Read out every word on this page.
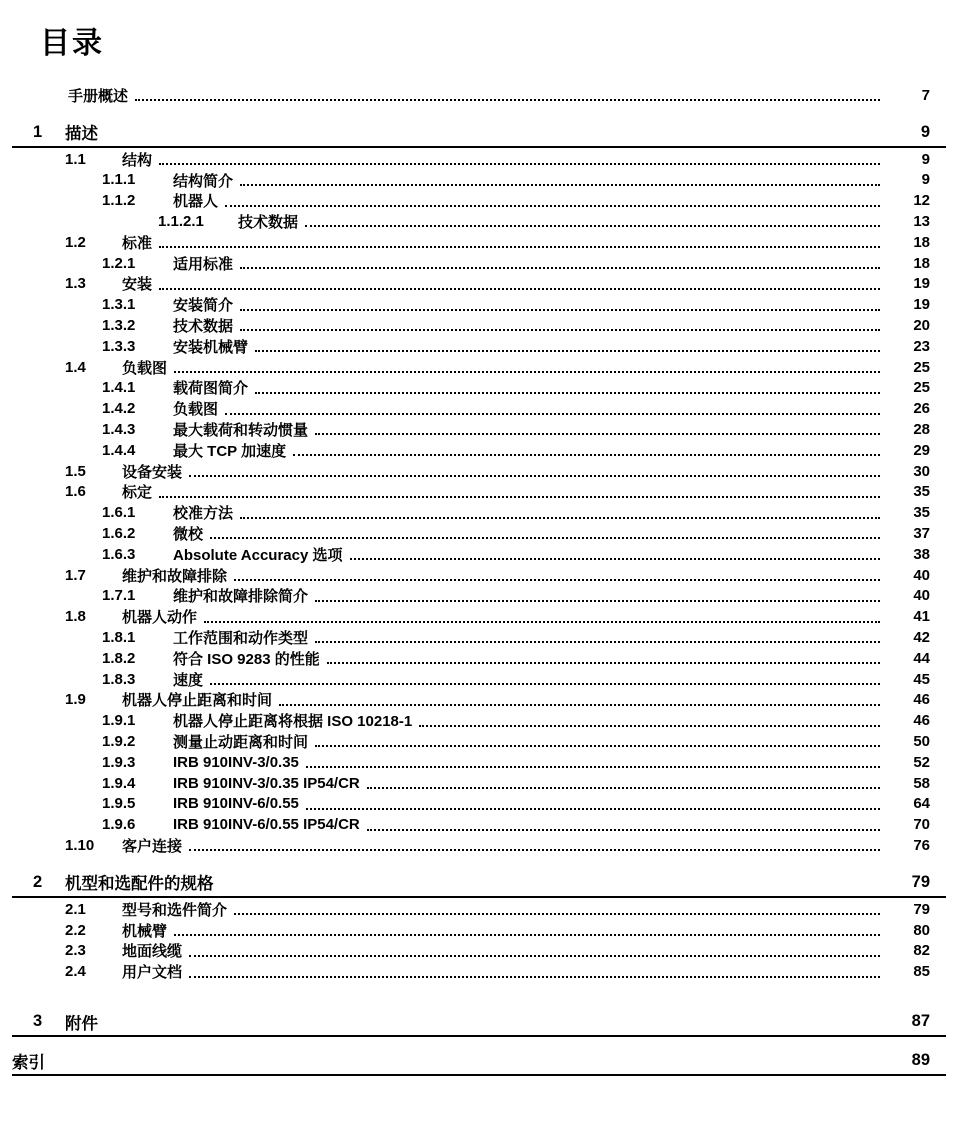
目录
手册概述	7
1	描述	9
1.1	结构	9
1.1.1	结构简介	9
1.1.2	机器人	12
1.1.2.1	技术数据	13
1.2	标准	18
1.2.1	适用标准	18
1.3	安装	19
1.3.1	安装简介	19
1.3.2	技术数据	20
1.3.3	安装机械臂	23
1.4	负载图	25
1.4.1	载荷图简介	25
1.4.2	负载图	26
1.4.3	最大载荷和转动惯量	28
1.4.4	最大 TCP 加速度	29
1.5	设备安装	30
1.6	标定	35
1.6.1	校准方法	35
1.6.2	微校	37
1.6.3	Absolute Accuracy 选项	38
1.7	维护和故障排除	40
1.7.1	维护和故障排除简介	40
1.8	机器人动作	41
1.8.1	工作范围和动作类型	42
1.8.2	符合 ISO 9283 的性能	44
1.8.3	速度	45
1.9	机器人停止距离和时间	46
1.9.1	机器人停止距离将根据 ISO 10218-1	46
1.9.2	测量止动距离和时间	50
1.9.3	IRB 910INV-3/0.35	52
1.9.4	IRB 910INV-3/0.35 IP54/CR	58
1.9.5	IRB 910INV-6/0.55	64
1.9.6	IRB 910INV-6/0.55 IP54/CR	70
1.10	客户连接	76
2	机型和选配件的规格	79
2.1	型号和选件简介	79
2.2	机械臂	80
2.3	地面线缆	82
2.4	用户文档	85
3	附件	87
索引	89
